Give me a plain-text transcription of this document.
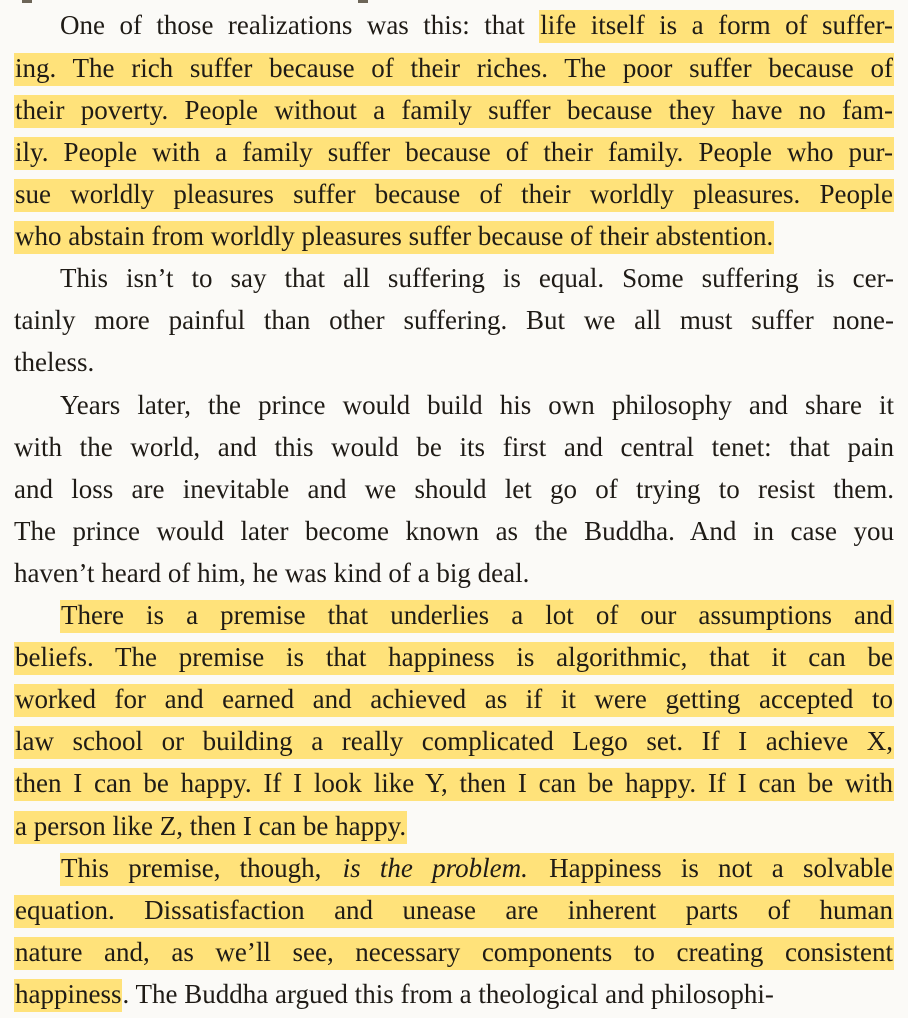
One of those realizations was this: that life itself is a form of suffer-
ing. The rich suffer because of their riches. The poor suffer because of
their poverty. People without a family suffer because they have no fam-
ily. People with a family suffer because of their family. People who pur-
sue worldly pleasures suffer because of their worldly pleasures. People
who abstain from worldly pleasures suffer because of their abstention.
This isn’t to say that all suffering is equal. Some suffering is cer-
tainly more painful than other suffering. But we all must suffer none-
theless.
Years later, the prince would build his own philosophy and share it
with the world, and this would be its first and central tenet: that pain
and loss are inevitable and we should let go of trying to resist them.
The prince would later become known as the Buddha. And in case you
haven’t heard of him, he was kind of a big deal.
There is a premise that underlies a lot of our assumptions and
beliefs. The premise is that happiness is algorithmic, that it can be
worked for and earned and achieved as if it were getting accepted to
law school or building a really complicated Lego set. If I achieve X,
then I can be happy. If I look like Y, then I can be happy. If I can be with
a person like Z, then I can be happy.
This premise, though, is the problem. Happiness is not a solvable
equation. Dissatisfaction and unease are inherent parts of human
nature and, as we’ll see, necessary components to creating consistent
happiness. The Buddha argued this from a theological and philosophi-
